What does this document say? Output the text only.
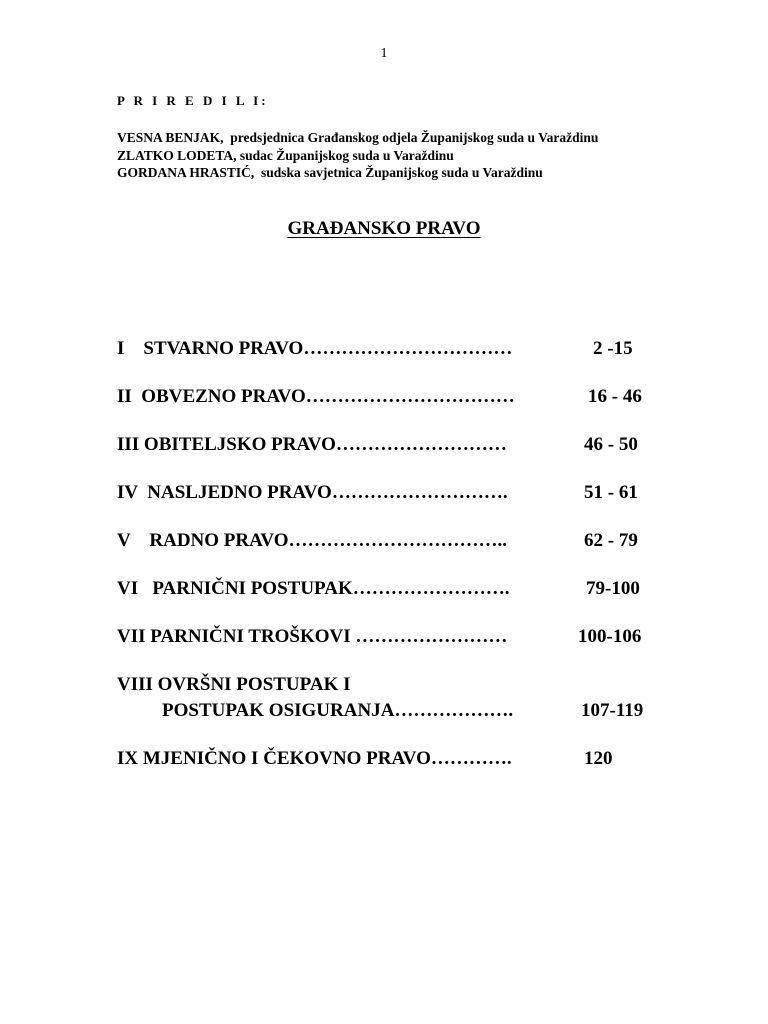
1
P R I R E D I L I:
VESNA BENJAK,  predsjednica Građanskog odjela Županijskog suda u Varaždinu
ZLATKO LODETA, sudac Županijskog suda u Varaždinu
GORDANA HRASTIĆ,  sudska savjetnica Županijskog suda u Varaždinu
GRAĐANSKO PRAVO
I    STVARNO PRAVO……………………………	2 -15
II  OBVEZNO PRAVO……………………………	16 - 46
III OBITELJSKO PRAVO………………………	46 - 50
IV  NASLJEDNO PRAVO……………………….	51 - 61
V    RADNO PRAVO……………………………..	62 - 79
VI   PARNIČNI POSTUPAK…………………….	79-100
VII PARNIČNI TROŠKOVI ……………………	100-106
VIII OVRŠNI POSTUPAK I
POSTUPAK OSIGURANJA……………….	107-119
IX MJENIČNO I ČEKOVNO PRAVO………….	120
